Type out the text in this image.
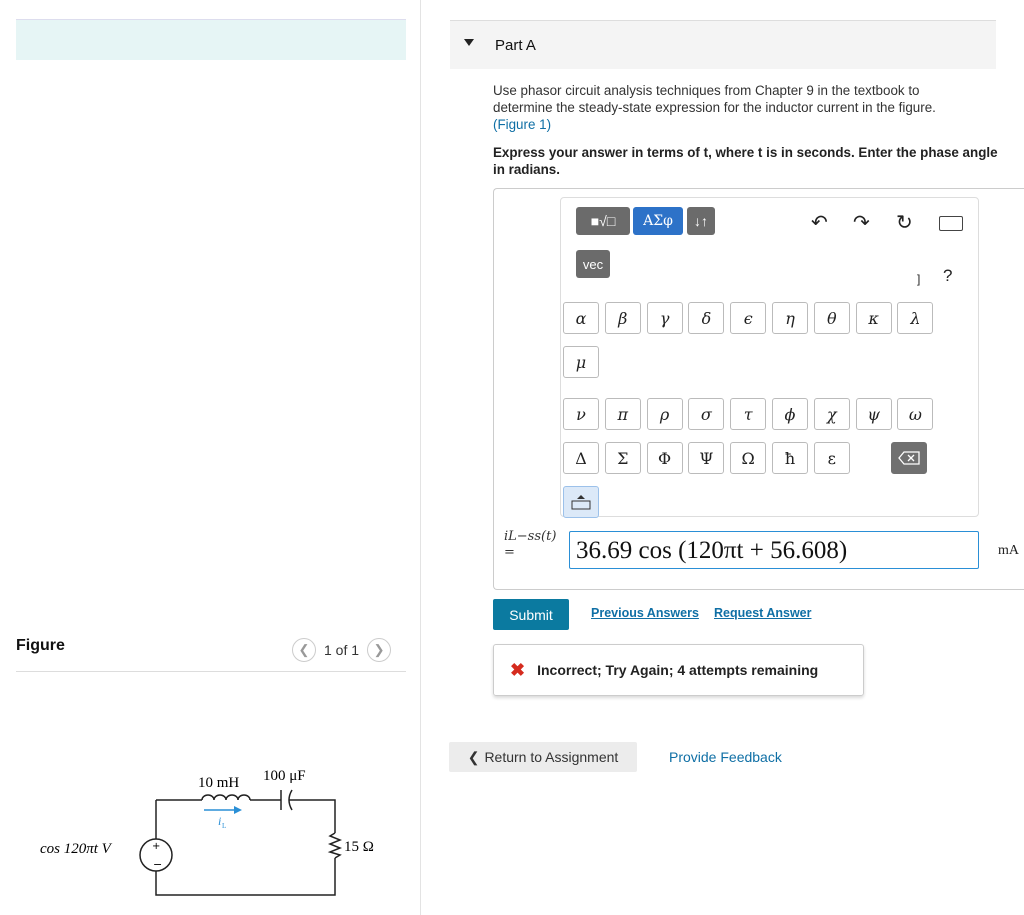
Figure	❮	1 of 1	❯
+
−
cos 120πt V
10 mH
i L
100 μF
15 Ω
Part A
Use phasor circuit analysis techniques from Chapter 9 in the textbook to determine the steady-state expression for the inductor current in the figure.
(Figure 1)
Express your answer in terms of t, where t is in seconds. Enter the phase angle in radians.
■√□	ΑΣφ	↓↑
vec
↶ ↷ ↻
] ?
α	β	γ	δ	ϵ	η	θ	κ	λ
μ
ν	π	ρ	σ	τ	ϕ	χ	ψ	ω
Δ	Σ	Φ	Ψ	Ω	ħ	ε
iL−ss(t)
=	36.69 cos (120πt + 56.608)	mA
Submit	Previous Answers Request Answer
✖ Incorrect; Try Again; 4 attempts remaining
❮ Return to Assignment	Provide Feedback
